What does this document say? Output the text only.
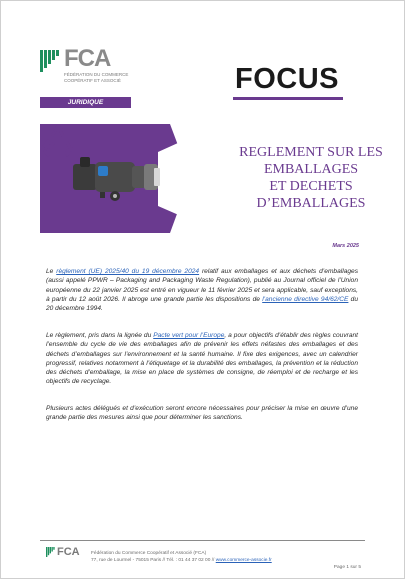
FCA
FÉDÉRATION DU COMMERCE COOPÉRATIF ET ASSOCIÉ
JURIDIQUE
FOCUS
REGLEMENT SUR LES
EMBALLAGES
ET DECHETS
D’EMBALLAGES
Mars 2025
Le règlement (UE) 2025/40 du 19 décembre 2024 relatif aux emballages et aux déchets d’emballages (aussi appelé PPWR – Packaging and Packaging Waste Regulation), publié au Journal officiel de l’Union européenne du 22 janvier 2025 est entré en vigueur le 11 février 2025 et sera applicable, sauf exceptions, à partir du 12 août 2026. Il abroge une grande partie les dispositions de l’ancienne directive 94/62/CE du 20 décembre 1994.
Le règlement, pris dans la lignée du Pacte vert pour l’Europe, a pour objectifs d’établir des règles couvrant l’ensemble du cycle de vie des emballages afin de prévenir les effets néfastes des emballages et des déchets d’emballages sur l’environnement et la santé humaine. Il fixe des exigences, avec un calendrier progressif, relatives notamment à l’étiquetage et la durabilité des emballages, la prévention et la réduction des déchets d’emballage, la mise en place de systèmes de consigne, de réemploi et de recharge et les objectifs de recyclage.
Plusieurs actes délégués et d’exécution seront encore nécessaires pour préciser la mise en œuvre d’une grande partie des mesures ainsi que pour déterminer les sanctions.
FCA Fédération du Commerce Coopératif et Associé (FCA)
77, rue de Lourmel - 75015 Paris // Tél. : 01 44 37 02 00 // www.commerce-associe.fr
Page 1 sur 5
